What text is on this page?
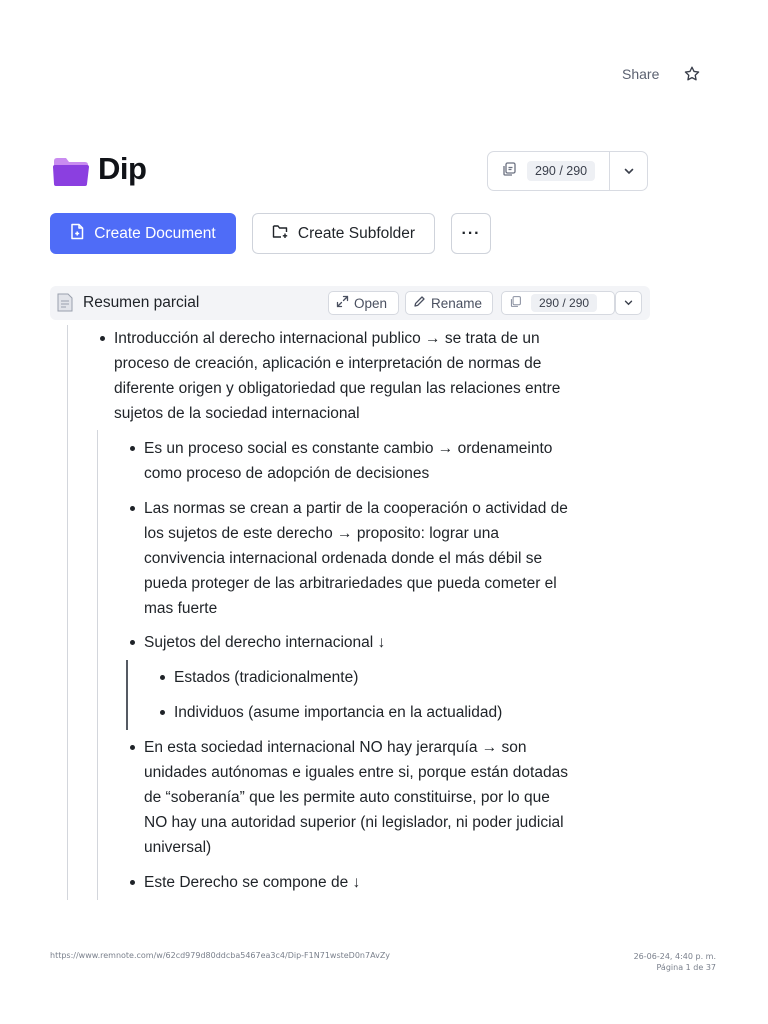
Share
Dip	290 / 290
Create Document	Create Subfolder	···
Resumen parcial	Open	Rename	290 / 290
Introducción al derecho internacional publico → se trata de un
proceso de creación, aplicación e interpretación de normas de
diferente origen y obligatoriedad que regulan las relaciones entre
sujetos de la sociedad internacional
Es un proceso social es constante cambio → ordenameinto
como proceso de adopción de decisiones
Las normas se crean a partir de la cooperación o actividad de
los sujetos de este derecho → proposito: lograr una
convivencia internacional ordenada donde el más débil se
pueda proteger de las arbitrariedades que pueda cometer el
mas fuerte
Sujetos del derecho internacional ↓
Estados (tradicionalmente)
Individuos (asume importancia en la actualidad)
En esta sociedad internacional NO hay jerarquía → son
unidades autónomas e iguales entre si, porque están dotadas
de “soberanía” que les permite auto constituirse, por lo que
NO hay una autoridad superior (ni legislador, ni poder judicial
universal)
Este Derecho se compone de ↓
https://www.remnote.com/w/62cd979d80ddcba5467ea3c4/Dip-F1N71wsteD0n7AvZy	26-06-24, 4:40 p. m.
Página 1 de 37
